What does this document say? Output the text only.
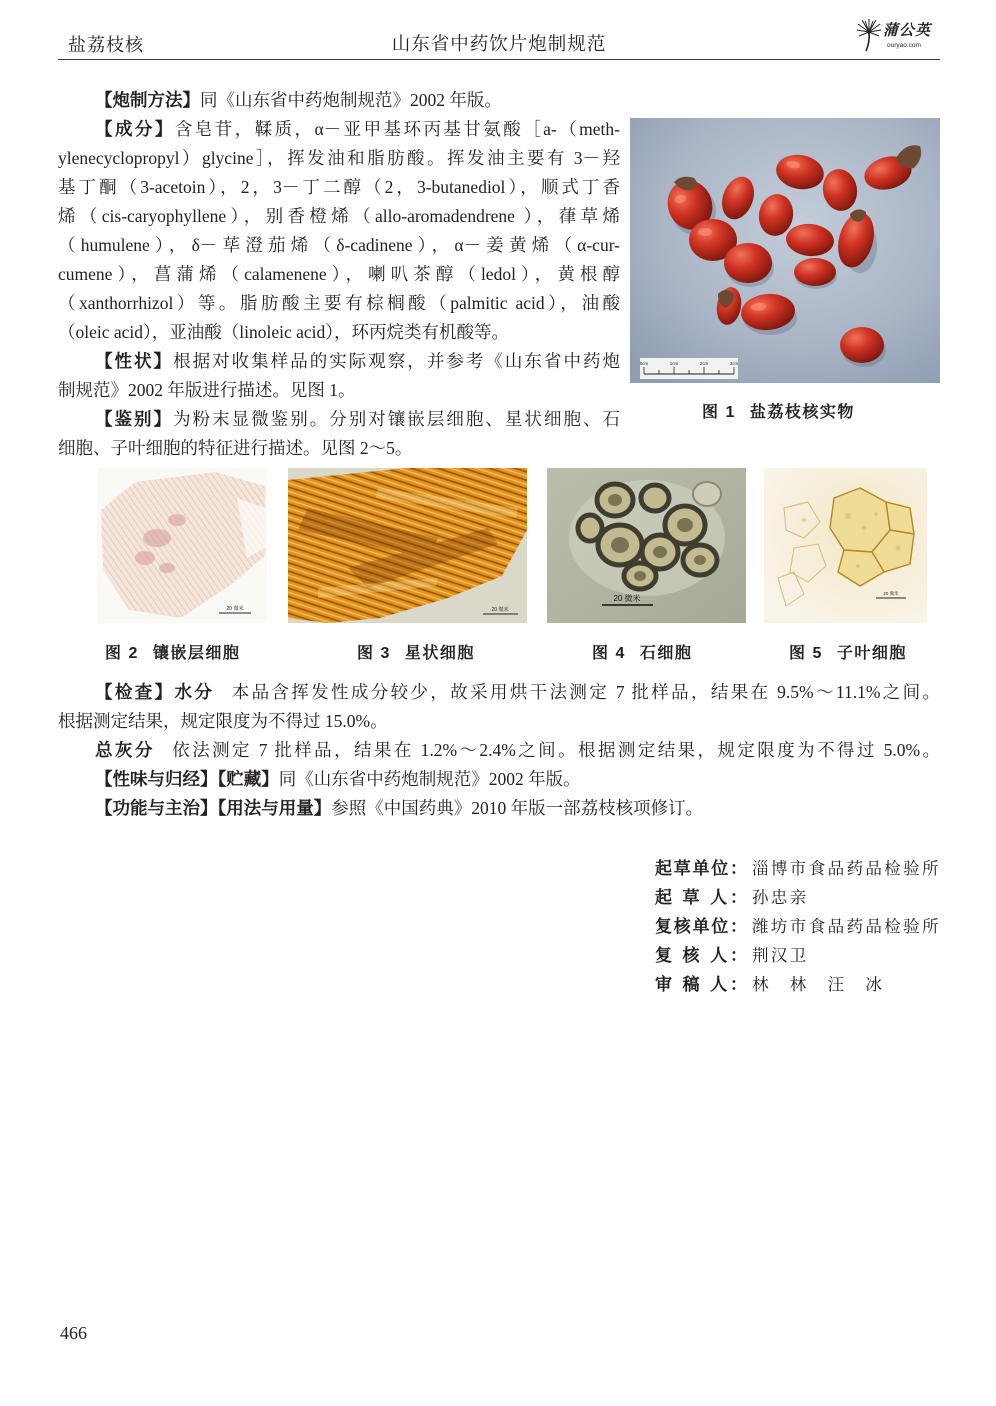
盐荔枝核	山东省中药饮片炮制规范
蒲公英
ouryao.com
【炮制方法】同《山东省中药炮制规范》2002 年版。
【成分】含皂苷，鞣质，α－亚甲基环丙基甘氨酸［a-（meth-
ylenecyclopropyl）glycine］，挥发油和脂肪酸。挥发油主要有 3－羟
基丁酮（3-acetoin），2，3－丁二醇（2，3-butanediol），顺式丁香
烯（cis-caryophyllene），别香橙烯（allo-aromadendrene ），葎草烯
（humulene），δ－荜澄茄烯（δ-cadinene），α－姜黄烯（α-cur-
cumene），菖蒲烯（calamenene），喇叭茶醇（ledol），黄根醇
（xanthorrhizol）等。脂肪酸主要有棕榈酸（palmitic acid），油酸
（oleic acid），亚油酸（linoleic acid），环丙烷类有机酸等。
【性状】根据对收集样品的实际观察，并参考《山东省中药炮
制规范》2002 年版进行描述。见图 1。
【鉴别】为粉末显微鉴别。分别对镶嵌层细胞、星状细胞、石
细胞、子叶细胞的特征进行描述。见图 2～5。
0cm	1cm	2cm	3cm
图 1 盐荔枝核实物
20 微米
图 2 镶嵌层细胞
20 微米
图 3 星状细胞
20 微米
图 4 石细胞
20 微米
图 5 子叶细胞
【检查】水分 本品含挥发性成分较少，故采用烘干法测定 7 批样品，结果在 9.5%～11.1%之间。
根据测定结果，规定限度为不得过 15.0%。
总灰分 依法测定 7 批样品，结果在 1.2%～2.4%之间。根据测定结果，规定限度为不得过 5.0%。
【性味与归经】【贮藏】同《山东省中药炮制规范》2002 年版。
【功能与主治】【用法与用量】参照《中国药典》2010 年版一部荔枝核项修订。
起草单位： 淄博市食品药品检验所
起 草 人： 孙忠亲
复核单位： 潍坊市食品药品检验所
复 核 人： 荆汉卫
审 稿 人： 林　林　汪　冰
466
